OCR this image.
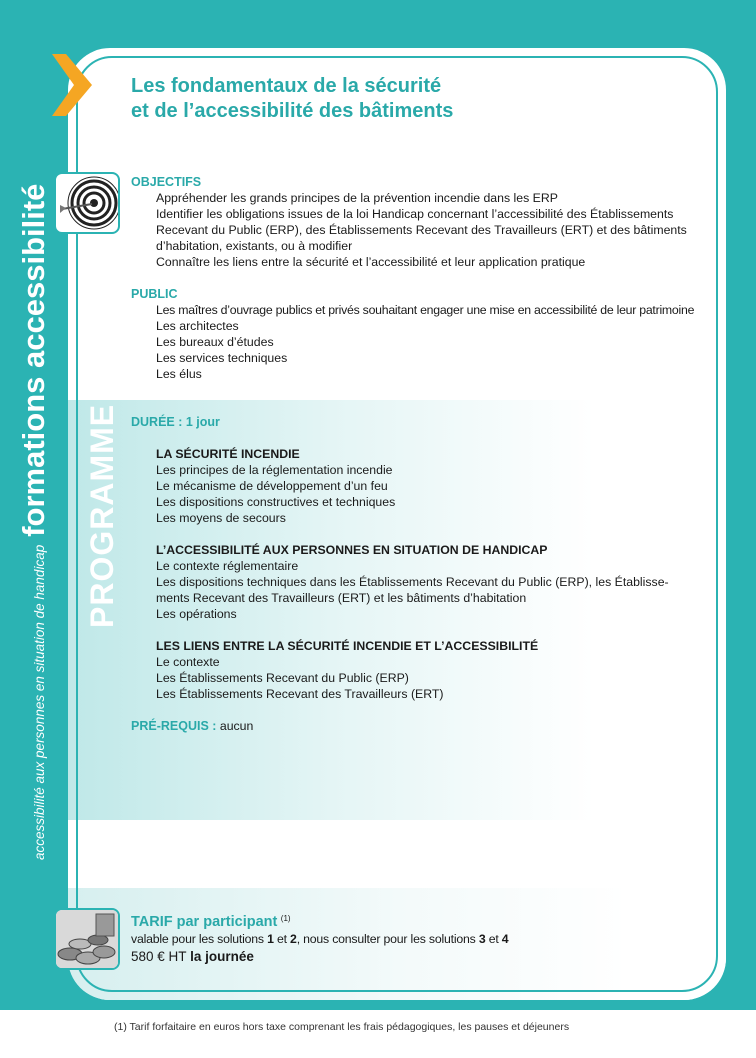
(1) Tarif forfaitaire en euros hors taxe comprenant les frais pédagogiques, les pauses et déjeuners
accessibilité aux personnes en situation de handicapformations accessibilité PROGRAMME
Les fondamentaux de la sécurité
et de l’accessibilité des bâtiments
OBJECTIFS
Appréhender les grands principes de la prévention incendie dans les ERP
Identifier les obligations issues de la loi Handicap concernant l’accessibilité des Établissements
Recevant du Public (ERP), des Établissements Recevant des Travailleurs (ERT) et des bâtiments
d’habitation, existants, ou à modifier
Connaître les liens entre la sécurité et l’accessibilité et leur application pratique
PUBLIC
Les maîtres d’ouvrage publics et privés souhaitant engager une mise en accessibilité de leur patrimoine
Les architectes
Les bureaux d’études
Les services techniques
Les élus
DURÉE : 1 jour
LA SÉCURITÉ INCENDIE
Les principes de la réglementation incendie
Le mécanisme de développement d’un feu
Les dispositions constructives et techniques
Les moyens de secours
L’ACCESSIBILITÉ AUX PERSONNES EN SITUATION DE HANDICAP
Le contexte réglementaire
Les dispositions techniques dans les Établissements Recevant du Public (ERP), les Établisse-
ments Recevant des Travailleurs (ERT) et les bâtiments d’habitation
Les opérations
LES LIENS ENTRE LA SÉCURITÉ INCENDIE ET L’ACCESSIBILITÉ
Le contexte
Les Établissements Recevant du Public (ERP)
Les Établissements Recevant des Travailleurs (ERT)
PRÉ-REQUIS : aucun
TARIF par participant $^{(1)}$
valable pour les solutions 1 et 2, nous consulter pour les solutions 3 et 4
580 € HT la journée
